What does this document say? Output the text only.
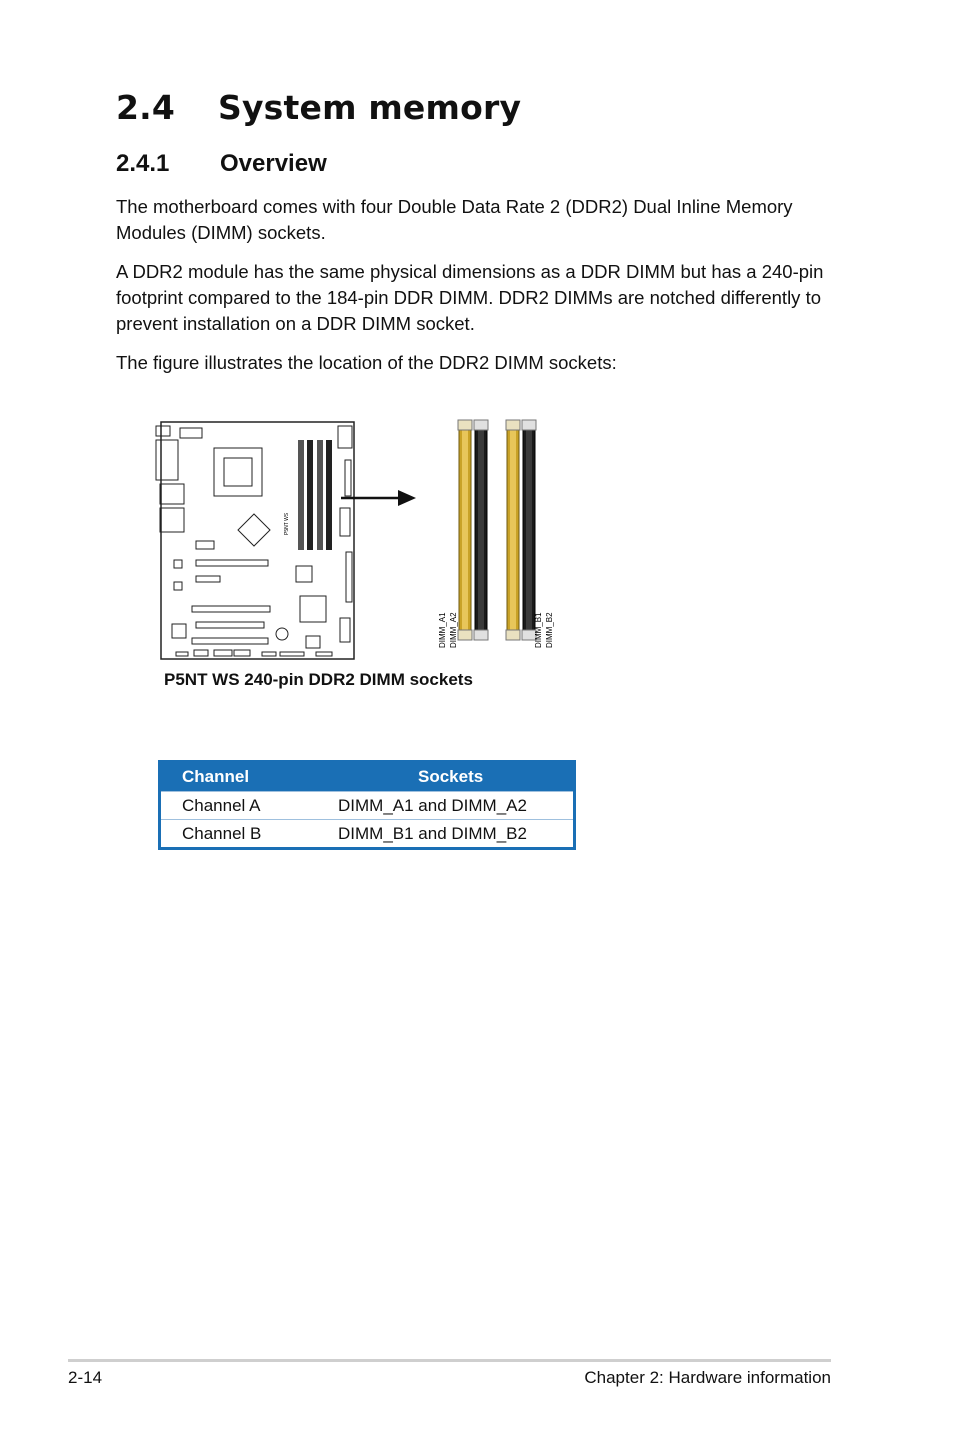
2.4 System memory
2.4.1 Overview

The motherboard comes with four Double Data Rate 2 (DDR2) Dual Inline Memory Modules (DIMM) sockets.

A DDR2 module has the same physical dimensions as a DDR DIMM but has a 240-pin footprint compared to the 184-pin DDR DIMM. DDR2 DIMMs are notched differently to prevent installation on a DDR DIMM socket.

The figure illustrates the location of the DDR2 DIMM sockets:

P5NT WS
DIMM_A1 DIMM_A2	DIMM_B1 DIMM_B2
P5NT WS 240-pin DDR2 DIMM sockets
Channel	Sockets
Channel A	DIMM_A1 and DIMM_A2
Channel B	DIMM_B1 and DIMM_B2
2-14	Chapter 2: Hardware information
